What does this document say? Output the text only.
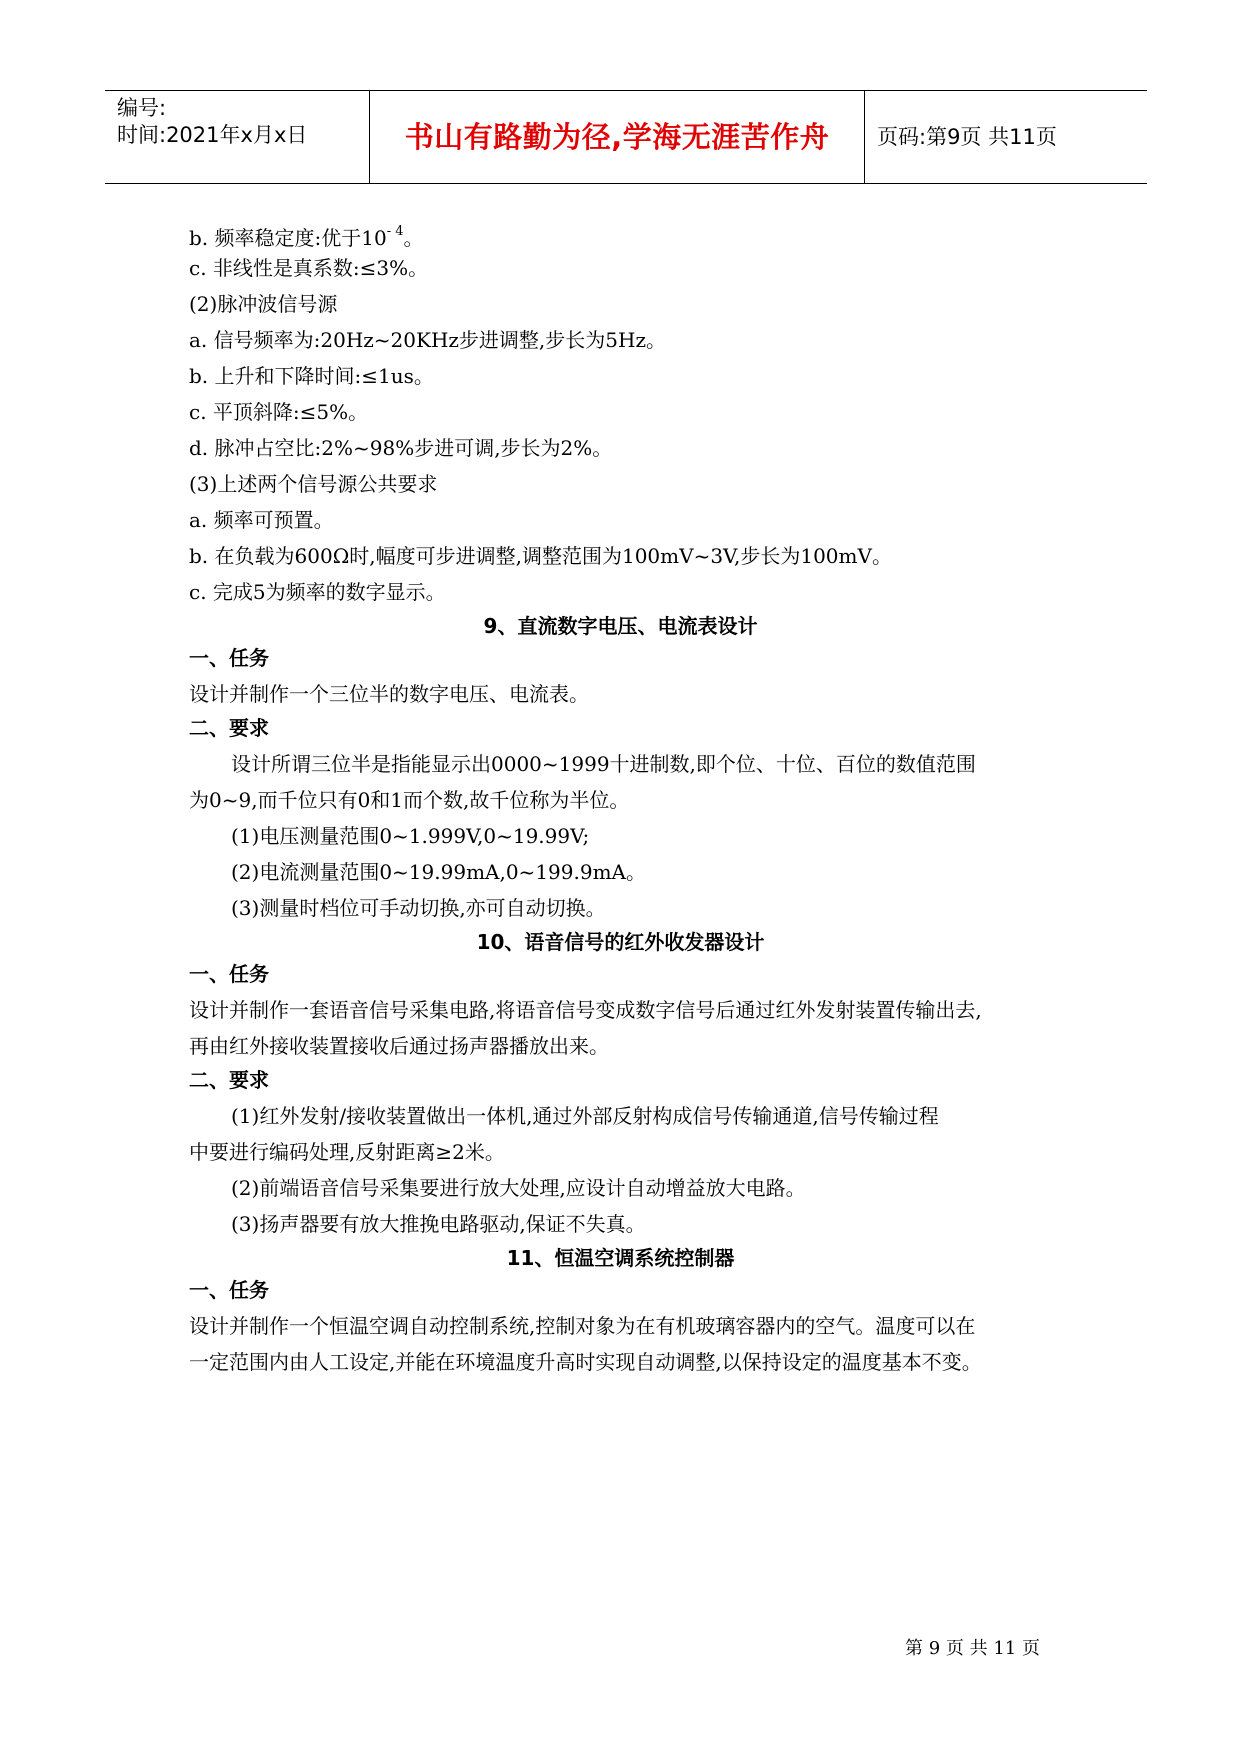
编号:
时间:2021年x月x日	书山有路勤为径,学海无涯苦作舟	页码:第9页 共11页
b. 频率稳定度:优于$10^{- 4}$。
c. 非线性是真系数:≤3%。
(2)脉冲波信号源
a. 信号频率为:20Hz~20KHz步进调整,步长为5Hz。
b. 上升和下降时间:≤1us。
c. 平顶斜降:≤5%。
d. 脉冲占空比:2%~98%步进可调,步长为2%。
(3)上述两个信号源公共要求
a. 频率可预置。
b. 在负载为600Ω时,幅度可步进调整,调整范围为100mV~3V,步长为100mV。
c. 完成5为频率的数字显示。
9、直流数字电压、电流表设计
一、任务
设计并制作一个三位半的数字电压、电流表。
二、要求
设计所谓三位半是指能显示出0000~1999十进制数,即个位、十位、百位的数值范围
为0~9,而千位只有0和1而个数,故千位称为半位。
(1)电压测量范围0~1.999V,0~19.99V;
(2)电流测量范围0~19.99mA,0~199.9mA。
(3)测量时档位可手动切换,亦可自动切换。
10、语音信号的红外收发器设计
一、任务
设计并制作一套语音信号采集电路,将语音信号变成数字信号后通过红外发射装置传输出去,
再由红外接收装置接收后通过扬声器播放出来。
二、要求
(1)红外发射/接收装置做出一体机,通过外部反射构成信号传输通道,信号传输过程
中要进行编码处理,反射距离≥2米。
(2)前端语音信号采集要进行放大处理,应设计自动增益放大电路。
(3)扬声器要有放大推挽电路驱动,保证不失真。
11、恒温空调系统控制器
一、任务
设计并制作一个恒温空调自动控制系统,控制对象为在有机玻璃容器内的空气。温度可以在
一定范围内由人工设定,并能在环境温度升高时实现自动调整,以保持设定的温度基本不变。
第 9 页 共 11 页
